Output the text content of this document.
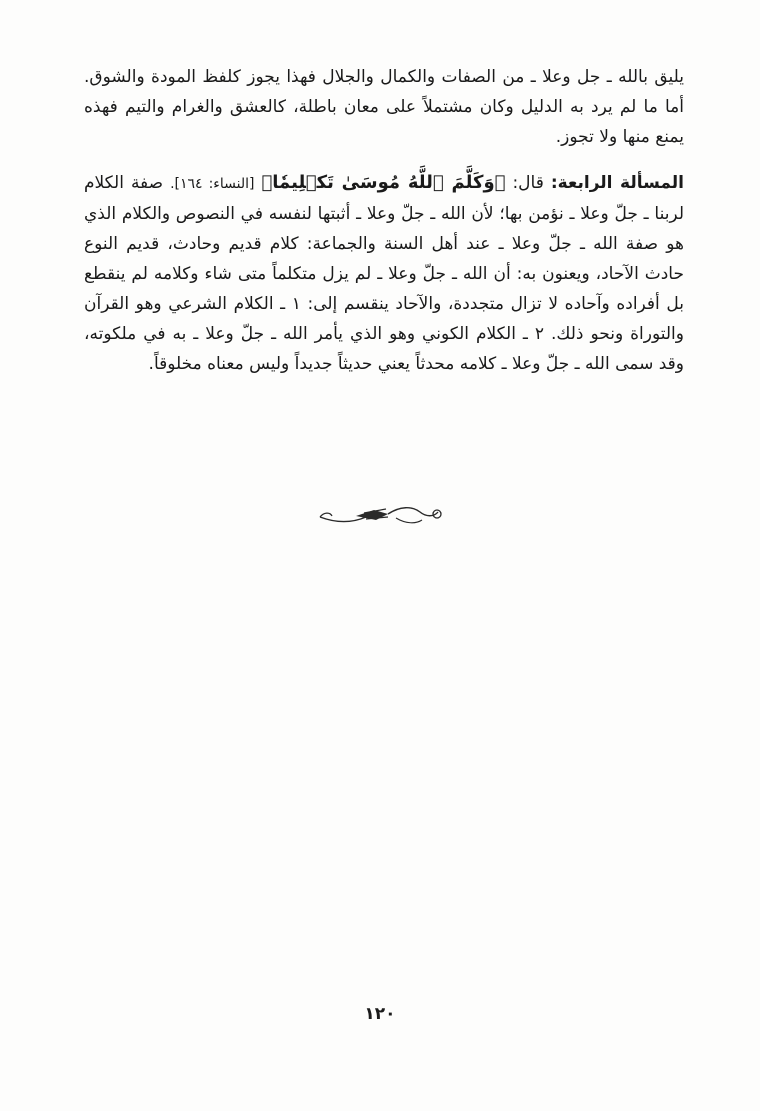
يليق بالله ـ جل وعلا ـ من الصفات والكمال والجلال فهذا يجوز كلفظ المودة والشوق. أما ما لم يرد به الدليل وكان مشتملاً على معان باطلة، كالعشق والغرام والتيم فهذه يمنع منها ولا تجوز.

المسألة الرابعة: قال: ﴿وَكَلَّمَ ٱللَّهُ مُوسَىٰ تَكۡلِيمٗا﴾ [النساء: ١٦٤]. صفة الكلام لربنا ـ جلّ وعلا ـ نؤمن بها؛ لأن الله ـ جلّ وعلا ـ أثبتها لنفسه في النصوص والكلام الذي هو صفة الله ـ جلّ وعلا ـ عند أهل السنة والجماعة: كلام قديم وحادث، قديم النوع حادث الآحاد، ويعنون به: أن الله ـ جلّ وعلا ـ لم يزل متكلماً متى شاء وكلامه لم ينقطع بل أفراده وآحاده لا تزال متجددة، والآحاد ينقسم إلى: ١ ـ الكلام الشرعي وهو القرآن والتوراة ونحو ذلك. ٢ ـ الكلام الكوني وهو الذي يأمر الله ـ جلّ وعلا ـ به في ملكوته، وقد سمى الله ـ جلّ وعلا ـ كلامه محدثاً يعني حديثاً جديداً وليس معناه مخلوقاً.

١٢٠
